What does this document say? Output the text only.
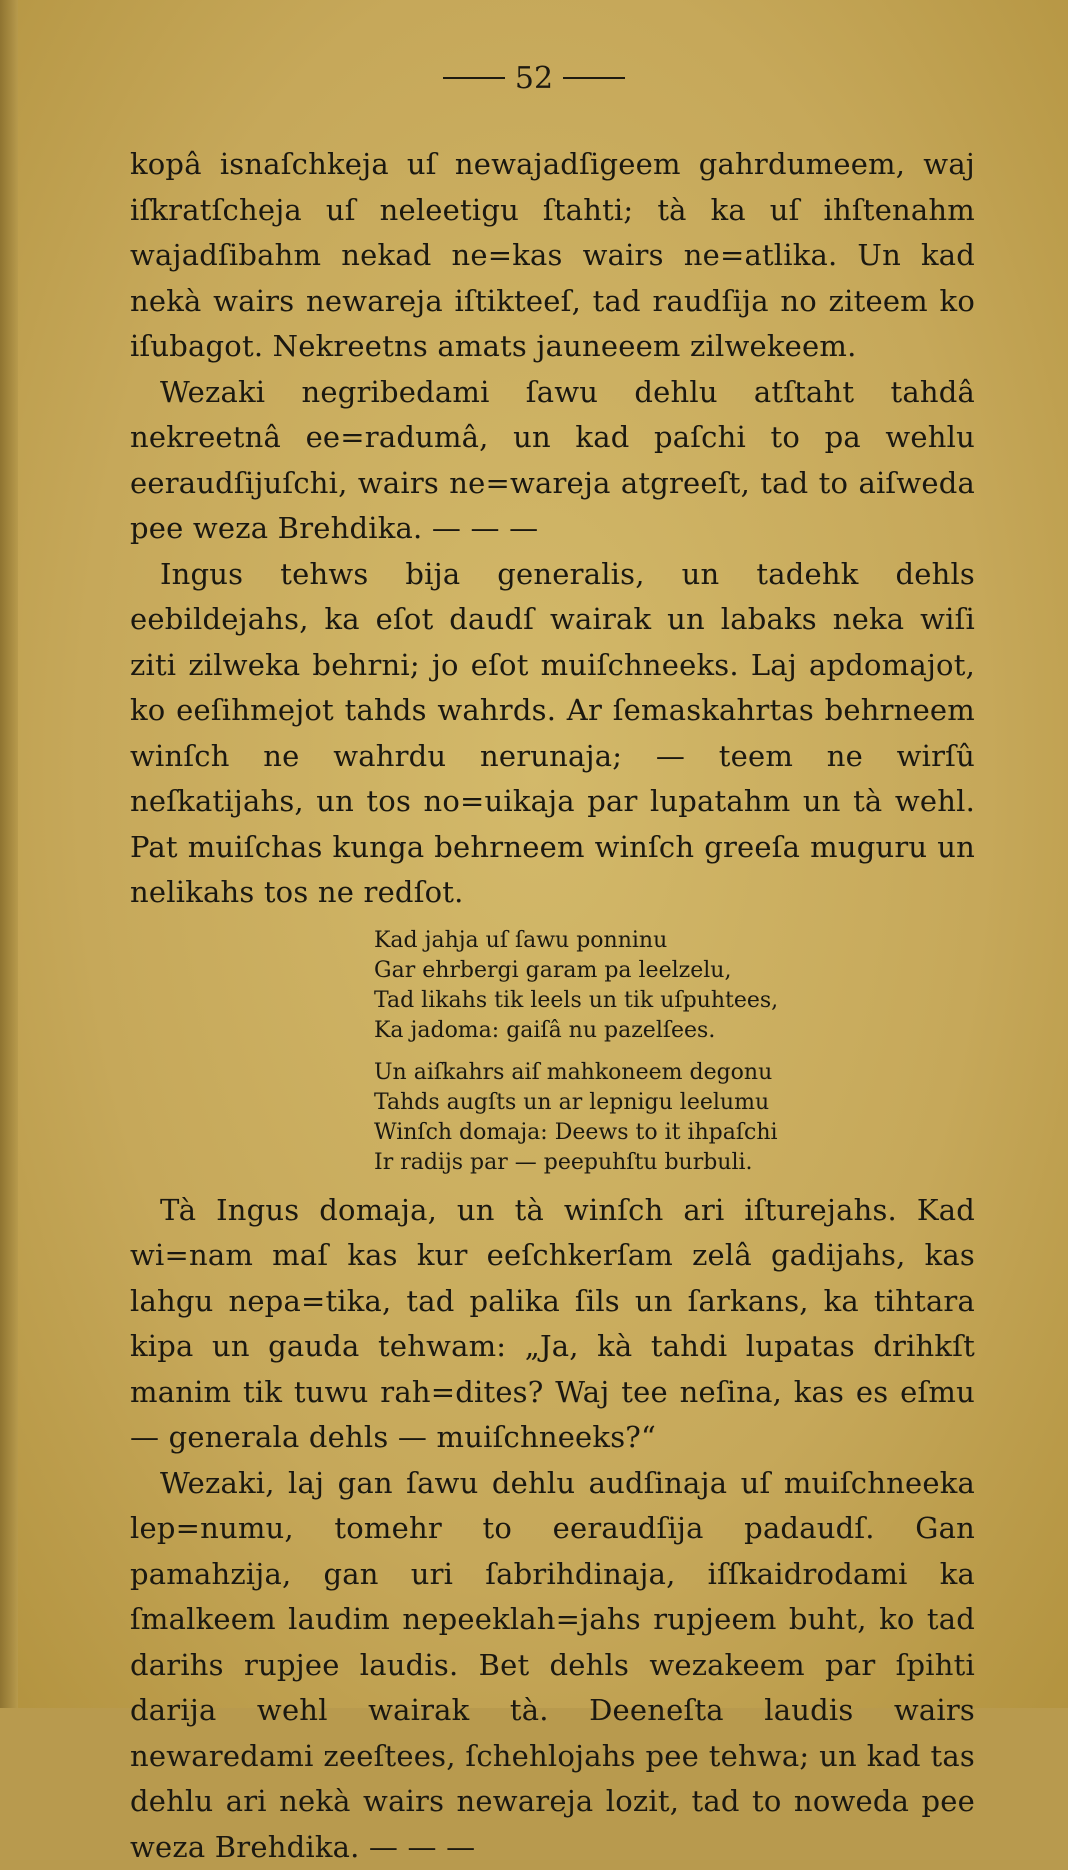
52

kopâ isnaſchkeja uſ newajadſigeem gahrdumeem, waj iſkratſcheja uſ neleetigu ſtahti; tà ka uſ ihſtenahm wajadſibahm nekad ne=kas wairs ne=atlika. Un kad nekà wairs newareja iſtikteeſ, tad raudſija no ziteem ko iſubagot. Nekreetns amats jauneeem zilwekeem.

Wezaki negribedami ſawu dehlu atſtaht tahdâ nekreetnâ ee=radumâ, un kad paſchi to pa wehlu eeraudſijuſchi, wairs ne=wareja atgreeſt, tad to aiſweda pee weza Brehdika. — — —

Ingus tehws bija generalis, un tadehk dehls eebildejahs, ka eſot daudſ wairak un labaks neka wiſi ziti zilweka behrni; jo eſot muiſchneeks. Laj apdomajot, ko eeſihmejot tahds wahrds. Ar ſemaskahrtas behrneem winſch ne wahrdu nerunaja; — teem ne wirſû neſkatijahs, un tos no=uikaja par lupatahm un tà wehl. Pat muiſchas kunga behrneem winſch greeſa muguru un nelikahs tos ne redſot.

Kad jahja uſ ſawu ponninu
Gar ehrbergi garam pa leelzelu,
Tad likahs tik leels un tik uſpuhtees,
Ka jadoma: gaiſâ nu pazelſees.
Un aiſkahrs aiſ mahkoneem degonu
Tahds augſts un ar lepnigu leelumu
Winſch domaja: Deews to it ihpaſchi
Ir radijs par — peepuhſtu burbuli.

Tà Ingus domaja, un tà winſch ari iſturejahs. Kad wi=nam maſ kas kur eeſchkerſam zelâ gadijahs, kas lahgu nepa=tika, tad palika ſils un ſarkans, ka tihtara kipa un gauda tehwam: „Ja, kà tahdi lupatas drihkſt manim tik tuwu rah=dites? Waj tee neſina, kas es eſmu — generala dehls — muiſchneeks?“

Wezaki, laj gan ſawu dehlu audſinaja uſ muiſchneeka lep=numu, tomehr to eeraudſija padaudſ. Gan pamahzija, gan uri ſabrihdinaja, iſſkaidrodami ka ſmalkeem laudim nepeeklah=jahs rupjeem buht, ko tad darihs rupjee laudis. Bet dehls wezakeem par ſpihti darija wehl wairak tà. Deeneſta laudis wairs newaredami zeeſtees, ſchehlojahs pee tehwa; un kad tas dehlu ari nekà wairs newareja lozit, tad to noweda pee weza Brehdika. — — —
